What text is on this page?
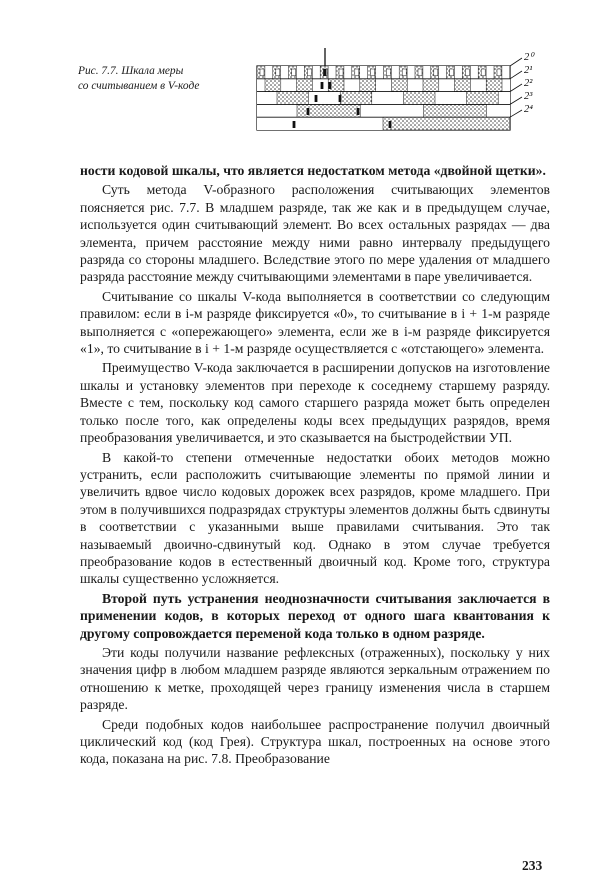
Рис. 7.7. Шкала меры
со считыванием в V-коде
2⁰
2¹
2²
2³
2⁴

ности кодовой шкалы, что является недостатком метода «двойной щетки».

Суть метода V-образного расположения считывающих элементов поясняется рис. 7.7. В младшем разряде, так же как и в предыдущем случае, используется один считывающий элемент. Во всех остальных разрядах — два элемента, причем расстояние между ними равно интервалу предыдущего разряда со стороны младшего. Вследствие этого по мере удаления от младшего разряда расстояние между считывающими элементами в паре увеличивается.

Считывание со шкалы V-кода выполняется в соответствии со следующим правилом: если в i-м разряде фиксируется «0», то считывание в i + 1-м разряде выполняется с «опережающего» элемента, если же в i-м разряде фиксируется «1», то считывание в i + 1-м разряде осуществляется с «отстающего» элемента.

Преимущество V-кода заключается в расширении допусков на изготовление шкалы и установку элементов при переходе к соседнему старшему разряду. Вместе с тем, поскольку код самого старшего разряда может быть определен только после того, как определены коды всех предыдущих разрядов, время преобразования увеличивается, и это сказывается на быстродействии УП.

В какой-то степени отмеченные недостатки обоих методов можно устранить, если расположить считывающие элементы по прямой линии и увеличить вдвое число кодовых дорожек всех разрядов, кроме младшего. При этом в получившихся подразрядах структуры элементов должны быть сдвинуты в соответствии с указанными выше правилами считывания. Это так называемый двоично-сдвинутый код. Однако в этом случае требуется преобразование кодов в естественный двоичный код. Кроме того, структура шкалы существенно усложняется.

Второй путь устранения неоднозначности считывания заключается в применении кодов, в которых переход от одного шага квантования к другому сопровождается переменой кода только в одном разряде.

Эти коды получили название рефлексных (отраженных), поскольку у них значения цифр в любом младшем разряде являются зеркальным отражением по отношению к метке, проходящей через границу изменения числа в старшем разряде.

Среди подобных кодов наибольшее распространение получил двоичный циклический код (код Грея). Структура шкал, построенных на основе этого кода, показана на рис. 7.8. Преобразование

233
